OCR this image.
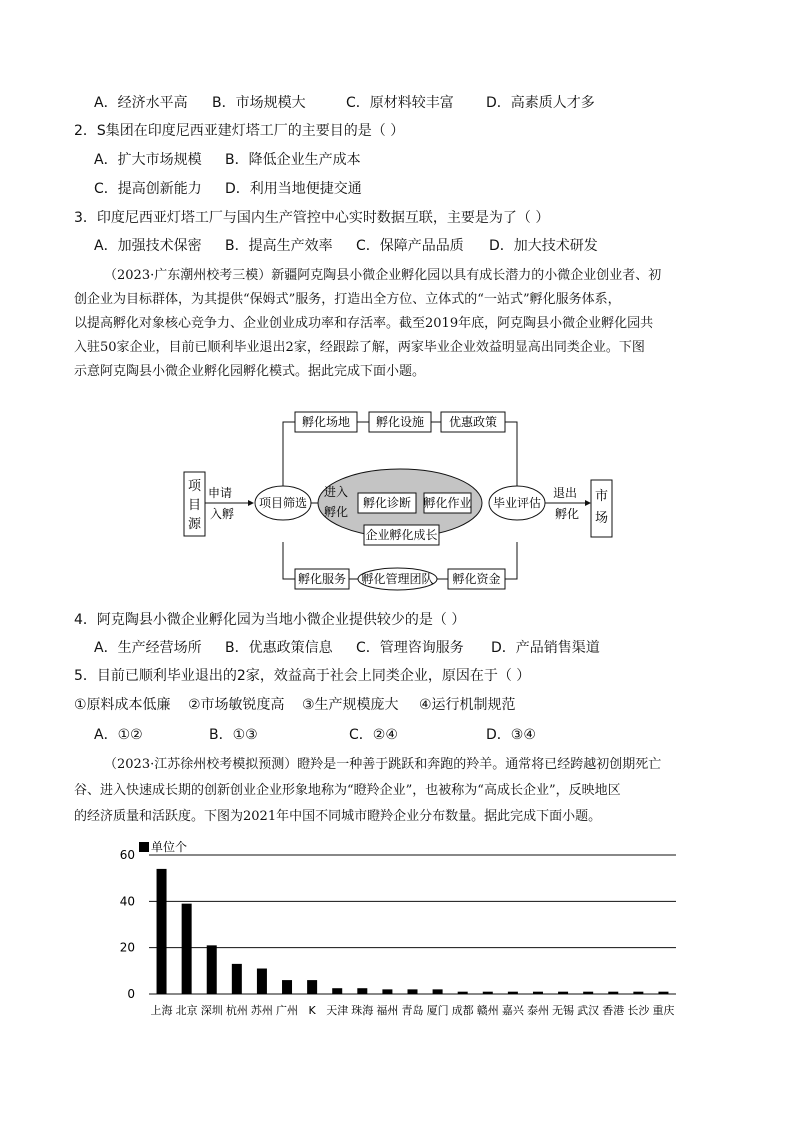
A．经济水平高 B．市场规模大	C．原材料较丰富 D．高素质人才多
2．S集团在印度尼西亚建灯塔工厂的主要目的是（ ）
A．扩大市场规模 B．降低企业生产成本
C．提高创新能力 D．利用当地便捷交通
3．印度尼西亚灯塔工厂与国内生产管控中心实时数据互联，主要是为了（ ）
A．加强技术保密 B．提高生产效率 C．保障产品品质 D．加大技术研发
（2023·广东潮州校考三模）新疆阿克陶县小微企业孵化园以具有成长潜力的小微企业创业者、初
创企业为目标群体，为其提供“保姆式”服务，打造出全方位、立体式的“一站式”孵化服务体系，
以提高孵化对象核心竞争力、企业创业成功率和存活率。截至2019年底，阿克陶县小微企业孵化园共
入驻50家企业，目前已顺利毕业退出2家，经跟踪了解，两家毕业企业效益明显高出同类企业。下图
示意阿克陶县小微企业孵化园孵化模式。据此完成下面小题。
项
目
源
申请
入孵
项目筛选
进入
孵化
孵化诊断 孵化作业
企业孵化成长
毕业评估
退出
孵化
市
场
孵化场地 孵化设施 优惠政策
孵化服务 孵化管理团队 孵化资金
4．阿克陶县小微企业孵化园为当地小微企业提供较少的是（ ）
A．生产经营场所 B．优惠政策信息 C．管理咨询服务 D．产品销售渠道
5．目前已顺利毕业退出的2家，效益高于社会上同类企业，原因在于（ ）
①原料成本低廉 ②市场敏锐度高 ③生产规模庞大 ④运行机制规范
A．①②	B．①③	C．②④	D．③④
（2023·江苏徐州校考模拟预测）瞪羚是一种善于跳跃和奔跑的羚羊。通常将已经跨越初创期死亡
谷、进入快速成长期的创新创业企业形象地称为“瞪羚企业”，也被称为“高成长企业”，反映地区
的经济质量和活跃度。下图为2021年中国不同城市瞪羚企业分布数量。据此完成下面小题。
0
20
40
60
上海 北京 深圳 杭州 苏州 广州 K 天津 珠海 福州 青岛 厦门 成都 赣州 嘉兴 泰州 无锡 武汉 香港 长沙 重庆
单位个
